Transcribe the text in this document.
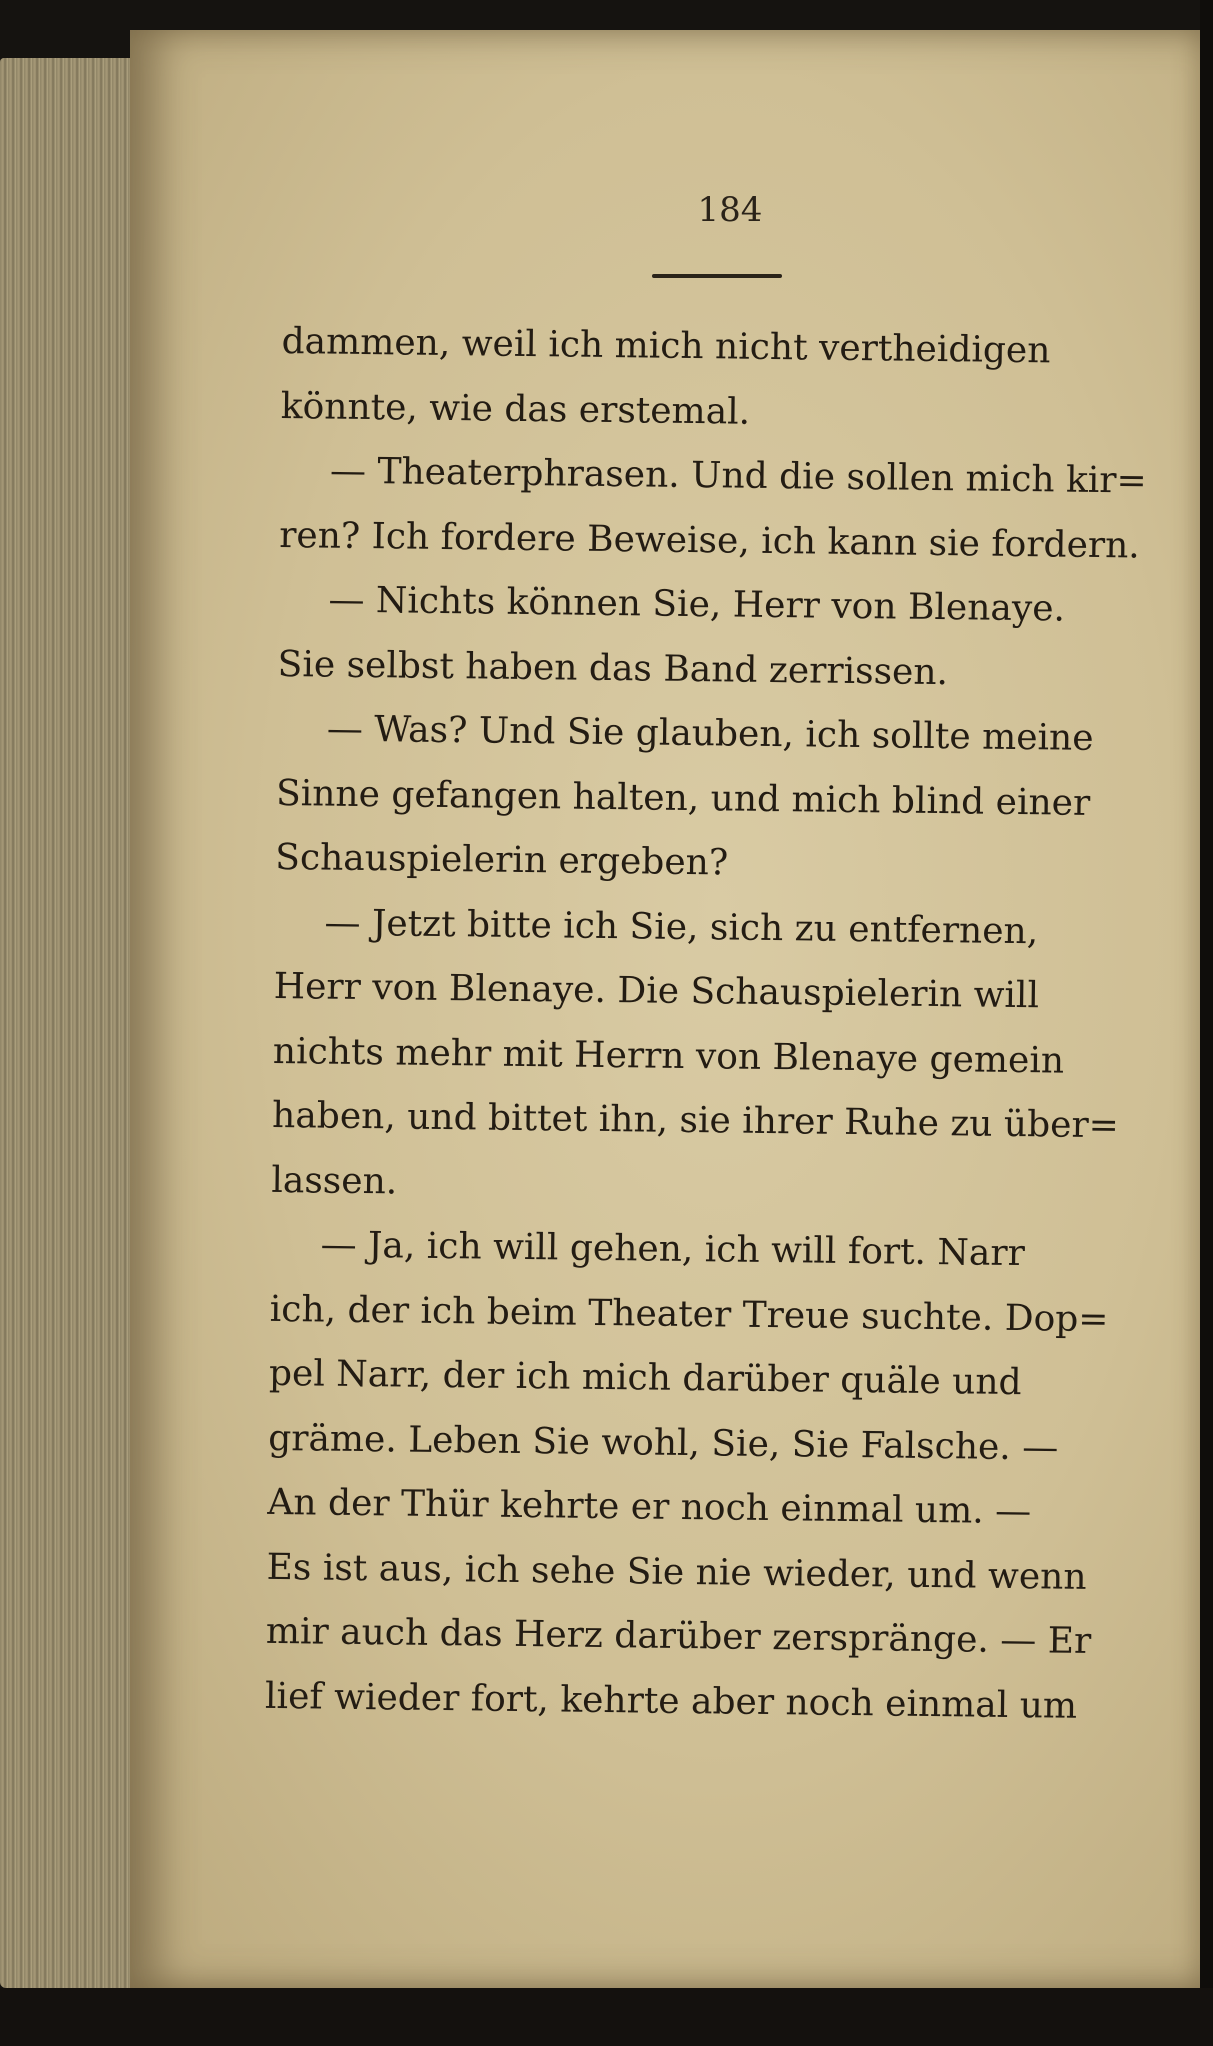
184
dammen, weil ich mich nicht vertheidigen
könnte, wie das erstemal.
— Theaterphrasen. Und die sollen mich kir=
ren? Ich fordere Beweise, ich kann sie fordern.
— Nichts können Sie, Herr von Blenaye.
Sie selbst haben das Band zerrissen.
— Was? Und Sie glauben, ich sollte meine
Sinne gefangen halten, und mich blind einer
Schauspielerin ergeben?
— Jetzt bitte ich Sie, sich zu entfernen,
Herr von Blenaye. Die Schauspielerin will
nichts mehr mit Herrn von Blenaye gemein
haben, und bittet ihn, sie ihrer Ruhe zu über=
lassen.
— Ja, ich will gehen, ich will fort. Narr
ich, der ich beim Theater Treue suchte. Dop=
pel Narr, der ich mich darüber quäle und
gräme. Leben Sie wohl, Sie, Sie Falsche. —
An der Thür kehrte er noch einmal um. —
Es ist aus, ich sehe Sie nie wieder, und wenn
mir auch das Herz darüber zerspränge. — Er
lief wieder fort, kehrte aber noch einmal um
